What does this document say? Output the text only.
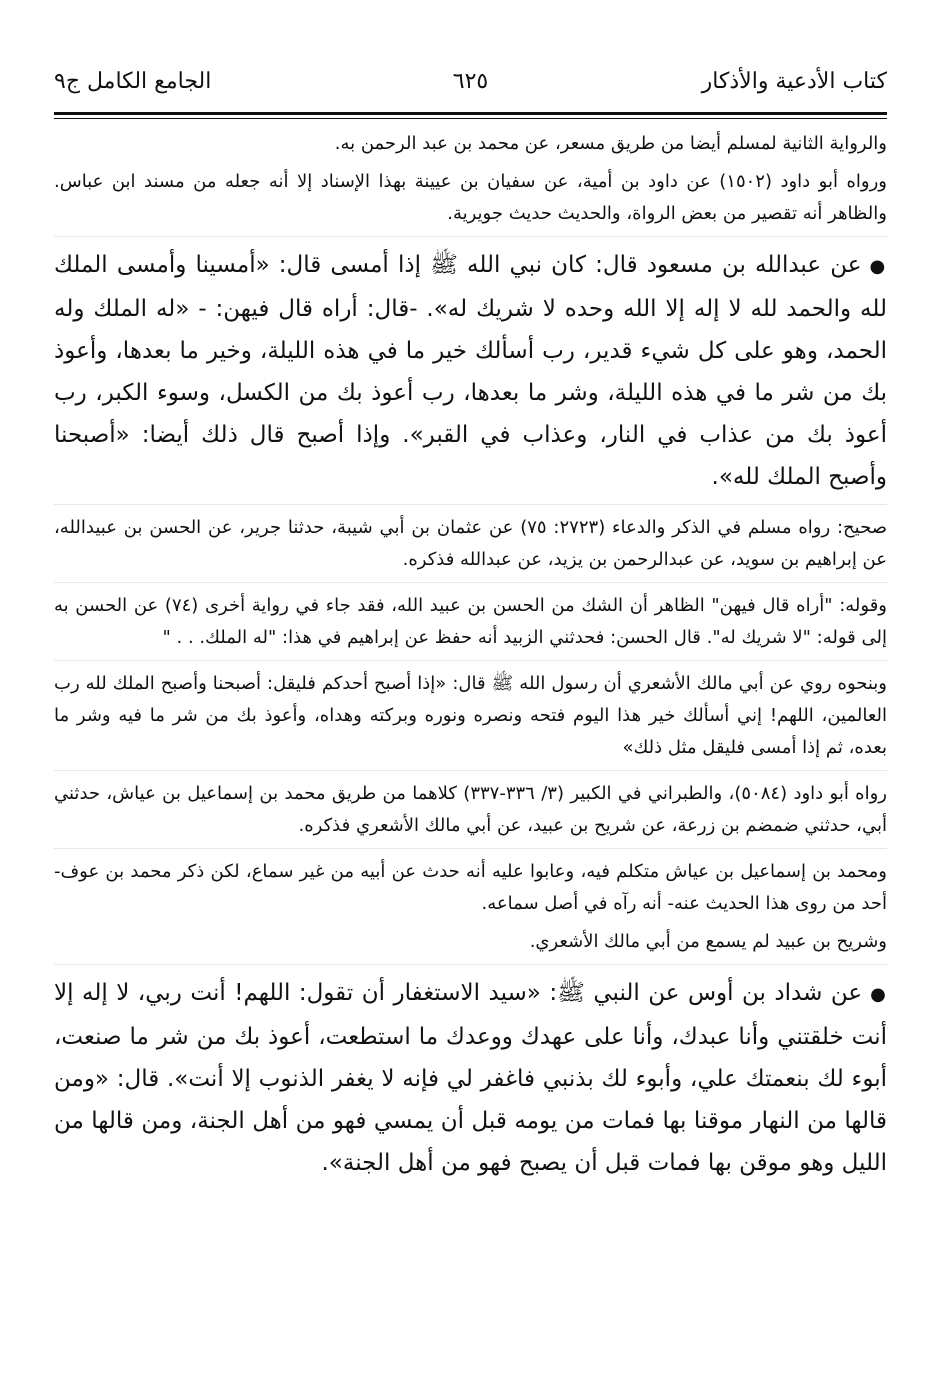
كتاب الأدعية والأذكار
٦٢٥
الجامع الكامل ج٩

والرواية الثانية لمسلم أيضا من طريق مسعر، عن محمد بن عبد الرحمن به.

ورواه أبو داود (١٥٠٢) عن داود بن أمية، عن سفيان بن عيينة بهذا الإسناد إلا أنه جعله من مسند ابن عباس. والظاهر أنه تقصير من بعض الرواة، والحديث حديث جويرية.

●عن عبدالله بن مسعود قال: كان نبي الله ﷺ إذا أمسى قال: «أمسينا وأمسى الملك لله والحمد لله لا إله إلا الله وحده لا شريك له». -قال: أراه قال فيهن: - «له الملك وله الحمد، وهو على كل شيء قدير، رب أسألك خير ما في هذه الليلة، وخير ما بعدها، وأعوذ بك من شر ما في هذه الليلة، وشر ما بعدها، رب أعوذ بك من الكسل، وسوء الكبر، رب أعوذ بك من عذاب في النار، وعذاب في القبر». وإذا أصبح قال ذلك أيضا: «أصبحنا وأصبح الملك لله».

صحيح: رواه مسلم في الذكر والدعاء (٢٧٢٣: ٧٥) عن عثمان بن أبي شيبة، حدثنا جرير، عن الحسن بن عبيدالله، عن إبراهيم بن سويد، عن عبدالرحمن بن يزيد، عن عبدالله فذكره.

وقوله: "أراه قال فيهن" الظاهر أن الشك من الحسن بن عبيد الله، فقد جاء في رواية أخرى (٧٤) عن الحسن به إلى قوله: "لا شريك له". قال الحسن: فحدثني الزبيد أنه حفظ عن إبراهيم في هذا: "له الملك. . . "

وبنحوه روي عن أبي مالك الأشعري أن رسول الله ﷺ قال: «إذا أصبح أحدكم فليقل: أصبحنا وأصبح الملك لله رب العالمين، اللهم! إني أسألك خير هذا اليوم فتحه ونصره ونوره وبركته وهداه، وأعوذ بك من شر ما فيه وشر ما بعده، ثم إذا أمسى فليقل مثل ذلك»

رواه أبو داود (٥٠٨٤)، والطبراني في الكبير (٣/ ٣٣٦-٣٣٧) كلاهما من طريق محمد بن إسماعيل بن عياش، حدثني أبي، حدثني ضمضم بن زرعة، عن شريح بن عبيد، عن أبي مالك الأشعري فذكره.

ومحمد بن إسماعيل بن عياش متكلم فيه، وعابوا عليه أنه حدث عن أبيه من غير سماع، لكن ذكر محمد بن عوف- أحد من روى هذا الحديث عنه- أنه رآه في أصل سماعه.

وشريح بن عبيد لم يسمع من أبي مالك الأشعري.

●عن شداد بن أوس عن النبي ﷺ: «سيد الاستغفار أن تقول: اللهم! أنت ربي، لا إله إلا أنت خلقتني وأنا عبدك، وأنا على عهدك ووعدك ما استطعت، أعوذ بك من شر ما صنعت، أبوء لك بنعمتك علي، وأبوء لك بذنبي فاغفر لي فإنه لا يغفر الذنوب إلا أنت». قال: «ومن قالها من النهار موقنا بها فمات من يومه قبل أن يمسي فهو من أهل الجنة، ومن قالها من الليل وهو موقن بها فمات قبل أن يصبح فهو من أهل الجنة».
